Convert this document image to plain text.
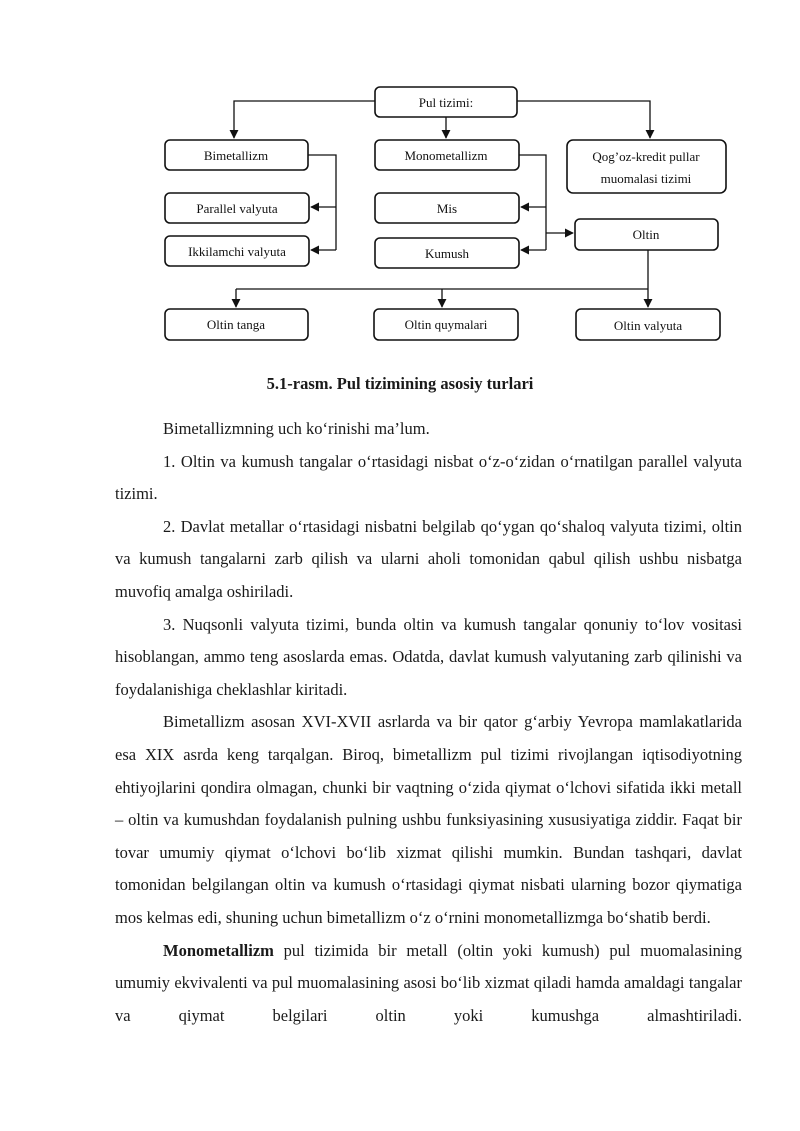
Pul tizimi:
Bimetallizm	Monometallizm	Qog’oz-kredit pullar
muomalasi tizimi
Parallel valyuta
Ikkilamchi valyuta
Mis
Kumush
Oltin
Oltin tanga	Oltin quymalari	Oltin valyuta
5.1-rasm. Pul tizimining asosiy turlari

Bimetallizmning uch ko‘rinishi ma’lum.

1. Oltin va kumush tangalar o‘rtasidagi nisbat o‘z-o‘zidan o‘rnatilgan parallel valyuta tizimi.

2. Davlat metallar o‘rtasidagi nisbatni belgilab qo‘ygan qo‘shaloq valyuta tizimi, oltin va kumush tangalarni zarb qilish va ularni aholi tomonidan qabul qilish ushbu nisbatga muvofiq amalga oshiriladi.

3. Nuqsonli valyuta tizimi, bunda oltin va kumush tangalar qonuniy to‘lov vositasi hisoblangan, ammo teng asoslarda emas. Odatda, davlat kumush valyutaning zarb qilinishi va foydalanishiga cheklashlar kiritadi.

Bimetallizm asosan XVI-XVII asrlarda va bir qator g‘arbiy Yevropa mamlakatlarida esa XIX asrda keng tarqalgan. Biroq, bimetallizm pul tizimi rivojlangan iqtisodiyotning ehtiyojlarini qondira olmagan, chunki bir vaqtning o‘zida qiymat o‘lchovi sifatida ikki metall – oltin va kumushdan foydalanish pulning ushbu funksiyasining xususiyatiga ziddir. Faqat bir tovar umumiy qiymat o‘lchovi bo‘lib xizmat qilishi mumkin. Bundan tashqari, davlat tomonidan belgilangan oltin va kumush o‘rtasidagi qiymat nisbati ularning bozor qiymatiga mos kelmas edi, shuning uchun bimetallizm o‘z o‘rnini monometallizmga bo‘shatib berdi.

Monometallizm pul tizimida bir metall (oltin yoki kumush) pul muomalasining umumiy ekvivalenti va pul muomalasining asosi bo‘lib xizmat qiladi hamda amaldagi tangalar va qiymat belgilari oltin yoki kumushga almashtiriladi.
